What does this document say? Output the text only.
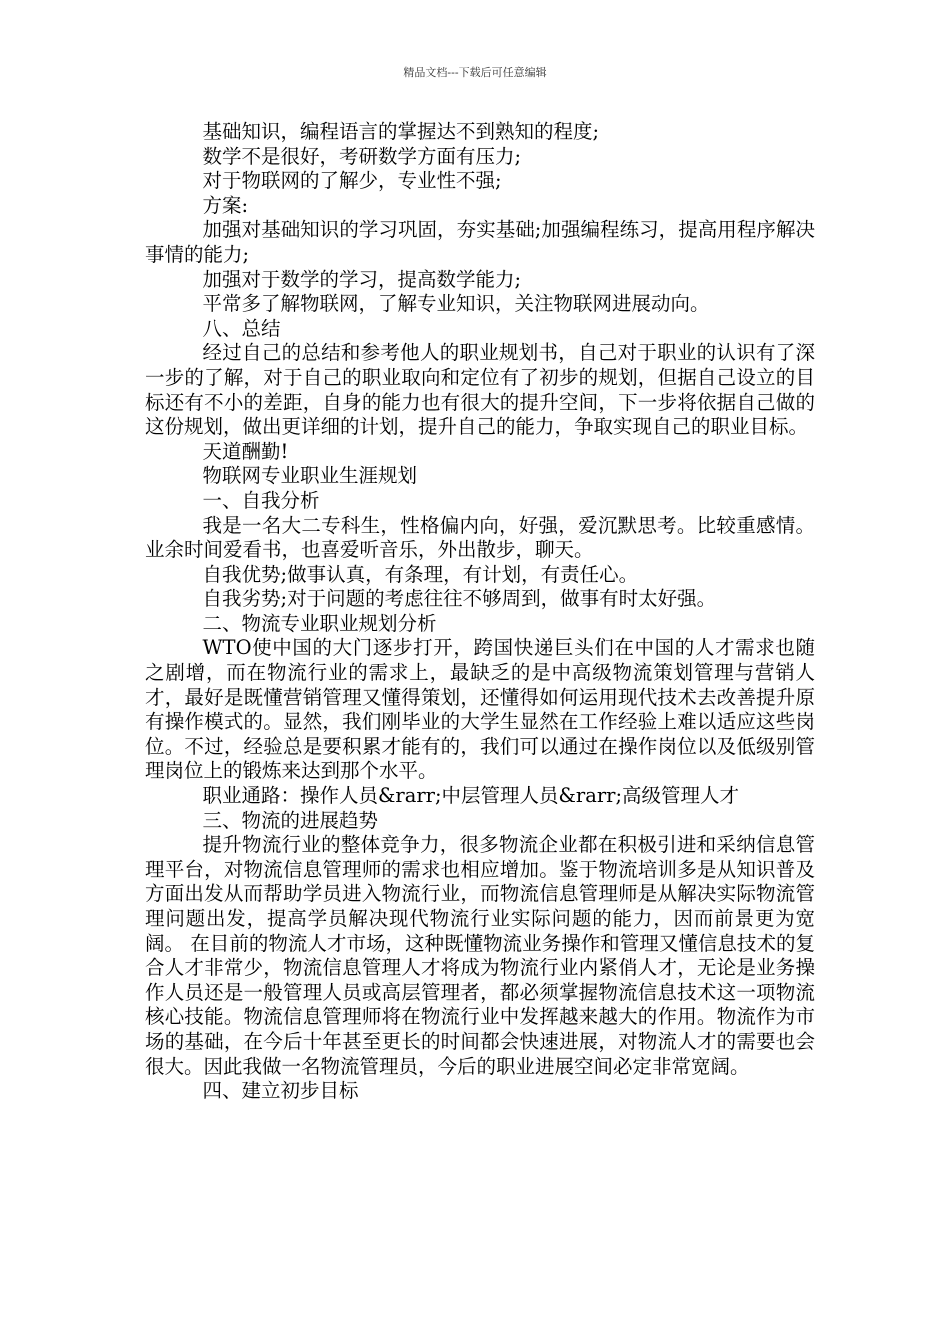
精品文档---下载后可任意编辑

基础知识，编程语言的掌握达不到熟知的程度;

数学不是很好，考研数学方面有压力;

对于物联网的了解少，专业性不强;

方案:

加强对基础知识的学习巩固，夯实基础;加强编程练习，提高用程序解决事情的能力;

加强对于数学的学习，提高数学能力;

平常多了解物联网，了解专业知识，关注物联网进展动向。

八、总结

经过自己的总结和参考他人的职业规划书，自己对于职业的认识有了深一步的了解，对于自己的职业取向和定位有了初步的规划，但据自己设立的目标还有不小的差距，自身的能力也有很大的提升空间，下一步将依据自己做的这份规划，做出更详细的计划，提升自己的能力，争取实现自己的职业目标。

天道酬勤!

物联网专业职业生涯规划

一、自我分析

我是一名大二专科生，性格偏内向，好强，爱沉默思考。比较重感情。业余时间爱看书，也喜爱听音乐，外出散步，聊天。

自我优势;做事认真，有条理，有计划，有责任心。

自我劣势;对于问题的考虑往往不够周到，做事有时太好强。

二、物流专业职业规划分析

WTO使中国的大门逐步打开，跨国快递巨头们在中国的人才需求也随之剧增，而在物流行业的需求上，最缺乏的是中高级物流策划管理与营销人才，最好是既懂营销管理又懂得策划，还懂得如何运用现代技术去改善提升原有操作模式的。显然，我们刚毕业的大学生显然在工作经验上难以适应这些岗位。不过，经验总是要积累才能有的，我们可以通过在操作岗位以及低级别管理岗位上的锻炼来达到那个水平。

职业通路：操作人员&rarr;中层管理人员&rarr;高级管理人才

三、物流的进展趋势

提升物流行业的整体竞争力，很多物流企业都在积极引进和采纳信息管理平台，对物流信息管理师的需求也相应增加。鉴于物流培训多是从知识普及方面出发从而帮助学员进入物流行业，而物流信息管理师是从解决实际物流管理问题出发，提高学员解决现代物流行业实际问题的能力，因而前景更为宽阔。 在目前的物流人才市场，这种既懂物流业务操作和管理又懂信息技术的复合人才非常少，物流信息管理人才将成为物流行业内紧俏人才，无论是业务操作人员还是一般管理人员或高层管理者，都必须掌握物流信息技术这一项物流核心技能。物流信息管理师将在物流行业中发挥越来越大的作用。物流作为市场的基础，在今后十年甚至更长的时间都会快速进展，对物流人才的需要也会很大。因此我做一名物流管理员，今后的职业进展空间必定非常宽阔。

四、建立初步目标
